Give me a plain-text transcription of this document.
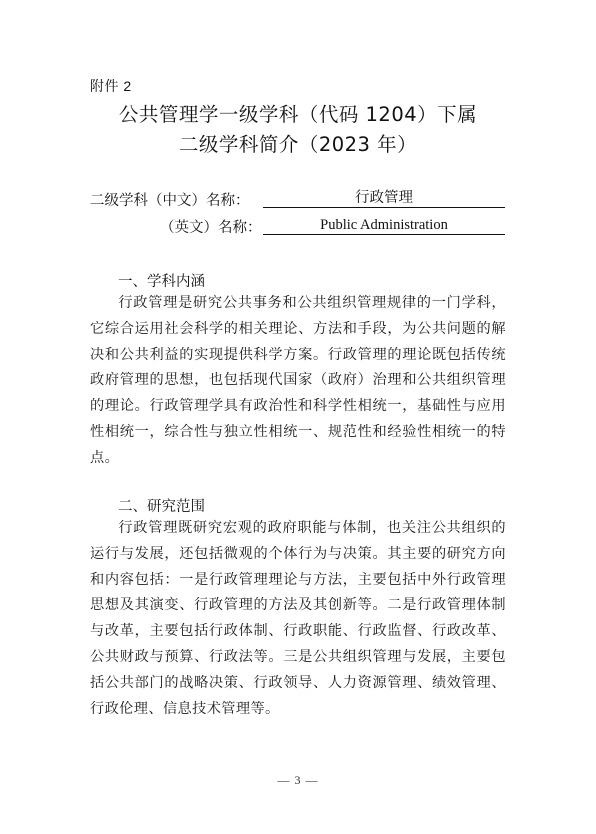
附件 2
公共管理学一级学科（代码 1204）下属
二级学科简介（2023 年）
二级学科（中文）名称：	行政管理
（英文）名称：	Public Administration
一、学科内涵

行政管理是研究公共事务和公共组织管理规律的一门学科，它综合运用社会科学的相关理论、方法和手段，为公共问题的解决和公共利益的实现提供科学方案。行政管理的理论既包括传统政府管理的思想，也包括现代国家（政府）治理和公共组织管理的理论。行政管理学具有政治性和科学性相统一，基础性与应用性相统一，综合性与独立性相统一、规范性和经验性相统一的特点。

二、研究范围

行政管理既研究宏观的政府职能与体制，也关注公共组织的运行与发展，还包括微观的个体行为与决策。其主要的研究方向和内容包括：一是行政管理理论与方法，主要包括中外行政管理思想及其演变、行政管理的方法及其创新等。二是行政管理体制与改革，主要包括行政体制、行政职能、行政监督、行政改革、公共财政与预算、行政法等。三是公共组织管理与发展，主要包括公共部门的战略决策、行政领导、人力资源管理、绩效管理、行政伦理、信息技术管理等。

— 3 —
